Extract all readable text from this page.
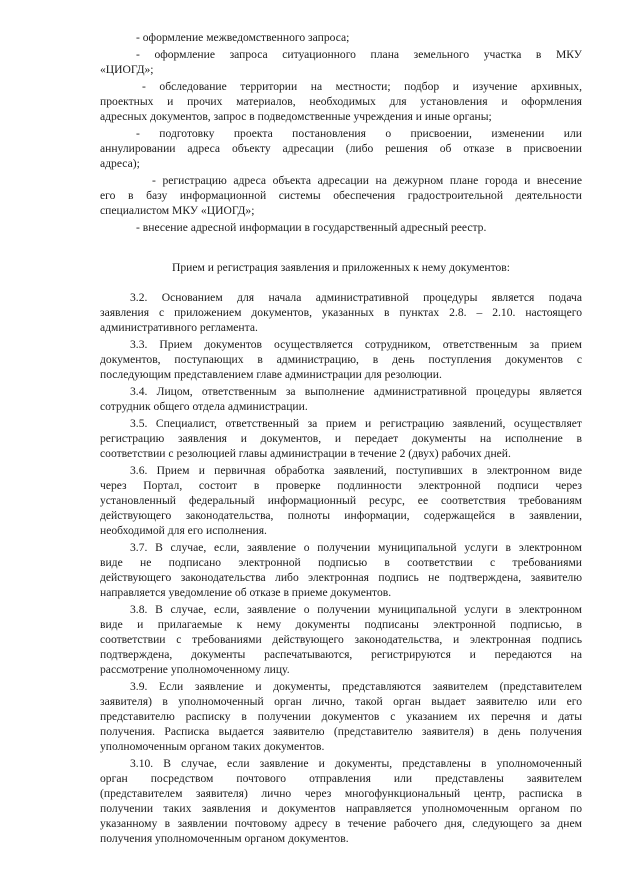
- оформление межведомственного запроса;
- оформление запроса ситуационного плана земельного участка в МКУ
«ЦИОГД»;
- обследование территории на местности; подбор и изучение архивных,
проектных и прочих материалов, необходимых для установления и оформления
адресных документов, запрос в подведомственные учреждения и иные органы;
- подготовку проекта постановления о присвоении, изменении или
аннулировании адреса объекту адресации (либо решения об отказе в присвоении
адреса);
- регистрацию адреса объекта адресации на дежурном плане города и внесение
его в базу информационной системы обеспечения градостроительной деятельности
специалистом МКУ «ЦИОГД»;
- внесение адресной информации в государственный адресный реестр.
Прием и регистрация заявления и приложенных к нему документов:
3.2. Основанием для начала административной процедуры является подача
заявления с приложением документов, указанных в пунктах 2.8. – 2.10. настоящего
административного регламента.
3.3. Прием документов осуществляется сотрудником, ответственным за прием
документов, поступающих в администрацию, в день поступления документов с
последующим представлением главе администрации для резолюции.
3.4. Лицом, ответственным за выполнение административной процедуры является
сотрудник общего отдела администрации.
3.5. Специалист, ответственный за прием и регистрацию заявлений, осуществляет
регистрацию заявления и документов, и передает документы на исполнение в
соответствии с резолюцией главы администрации в течение 2 (двух) рабочих дней.
3.6. Прием и первичная обработка заявлений, поступивших в электронном виде
через Портал, состоит в проверке подлинности электронной подписи через
установленный федеральный информационный ресурс, ее соответствия требованиям
действующего законодательства, полноты информации, содержащейся в заявлении,
необходимой для его исполнения.
3.7. В случае, если, заявление о получении муниципальной услуги в электронном
виде не подписано электронной подписью в соответствии с требованиями
действующего законодательства либо электронная подпись не подтверждена, заявителю
направляется уведомление об отказе в приеме документов.
3.8. В случае, если, заявление о получении муниципальной услуги в электронном
виде и прилагаемые к нему документы подписаны электронной подписью, в
соответствии с требованиями действующего законодательства, и электронная подпись
подтверждена, документы распечатываются, регистрируются и передаются на
рассмотрение уполномоченному лицу.
3.9. Если заявление и документы, представляются заявителем (представителем
заявителя) в уполномоченный орган лично, такой орган выдает заявителю или его
представителю расписку в получении документов с указанием их перечня и даты
получения. Расписка выдается заявителю (представителю заявителя) в день получения
уполномоченным органом таких документов.
3.10. В случае, если заявление и документы, представлены в уполномоченный
орган посредством почтового отправления или представлены заявителем
(представителем заявителя) лично через многофункциональный центр, расписка в
получении таких заявления и документов направляется уполномоченным органом по
указанному в заявлении почтовому адресу в течение рабочего дня, следующего за днем
получения уполномоченным органом документов.
